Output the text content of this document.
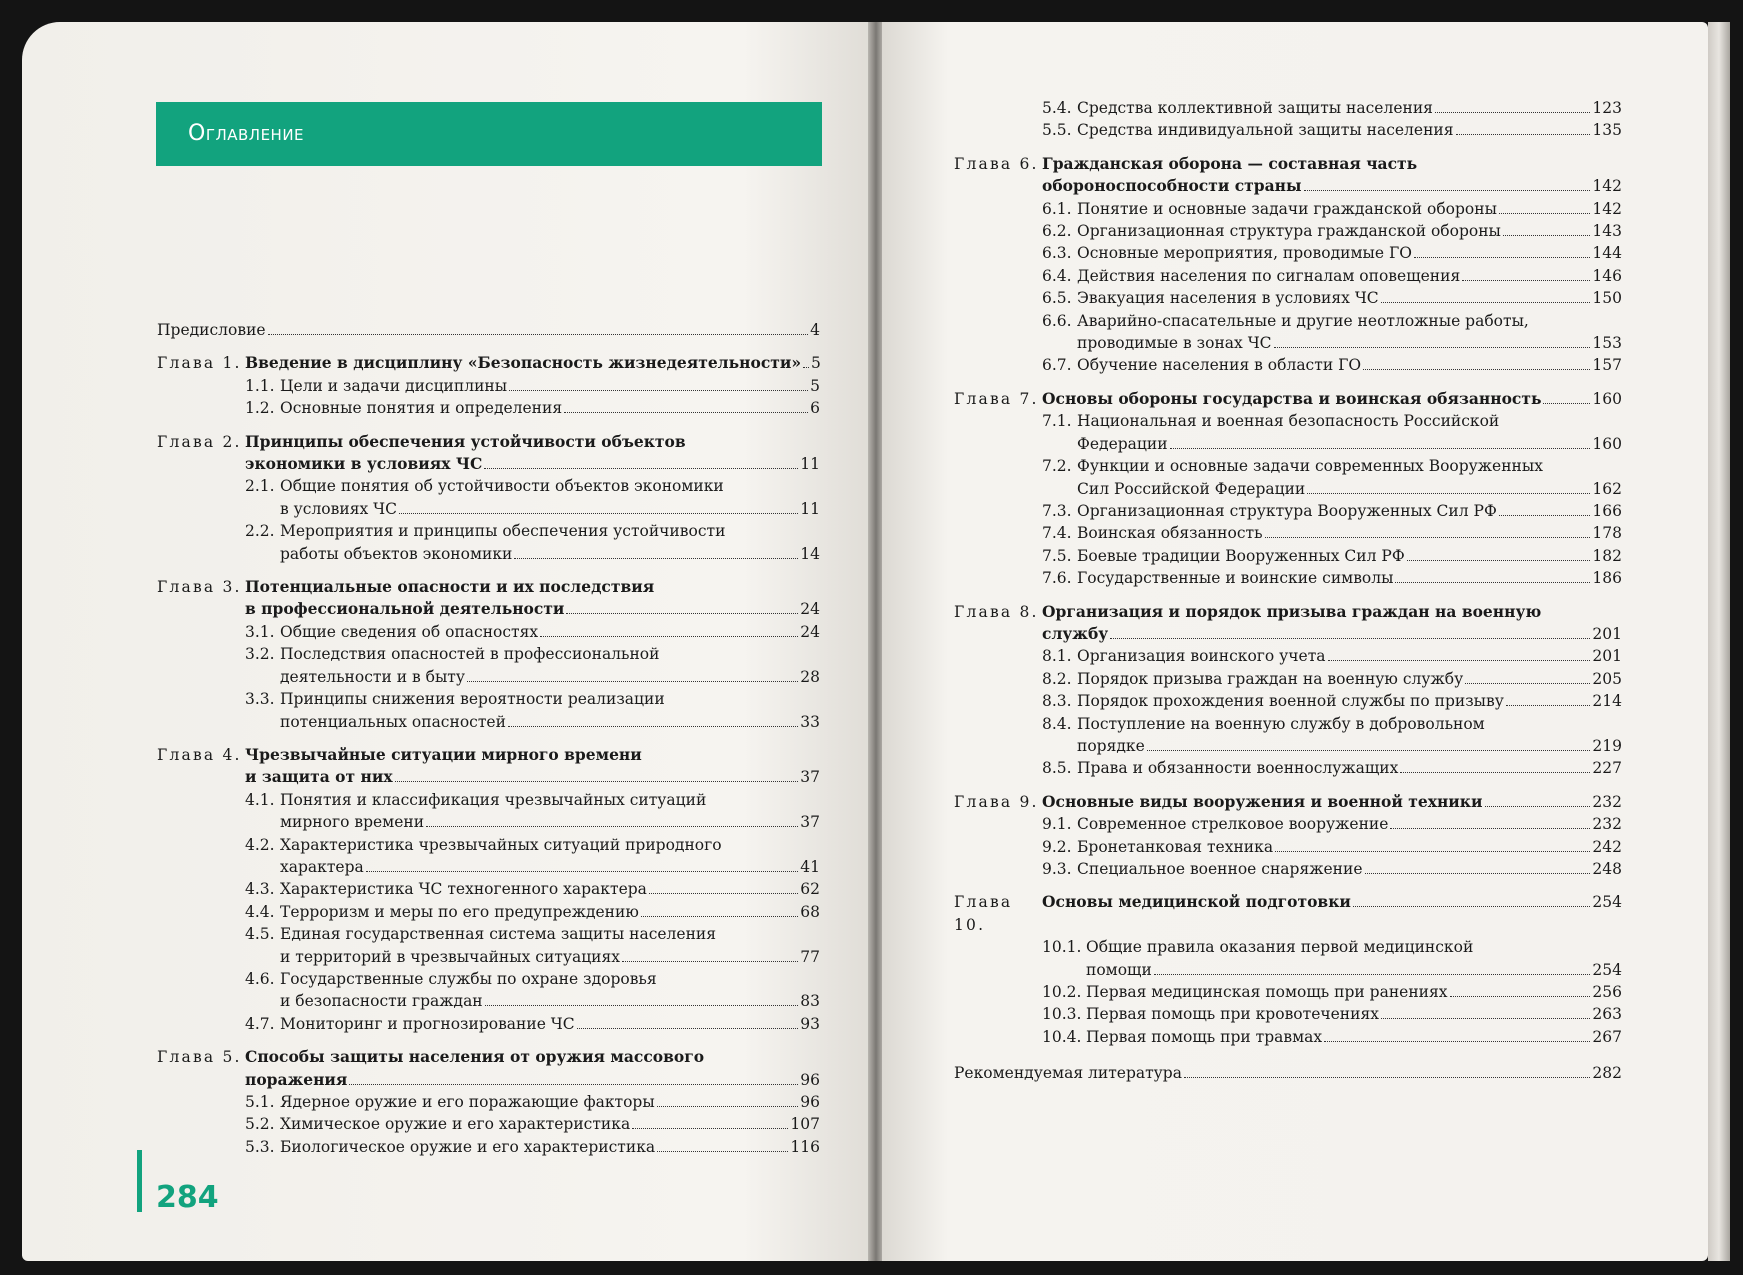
Оглавление
Предисловие	4
Глава 1. Введение в дисциплину «Безопасность жизнедеятельности» 5
1.1. Цели и задачи дисциплины	5
1.2. Основные понятия и определения	6
Глава 2. Принципы обеспечения устойчивости объектов
экономики в условиях ЧС	11
2.1. Общие понятия об устойчивости объектов экономики
в условиях ЧС	11
2.2. Мероприятия и принципы обеспечения устойчивости
работы объектов экономики	14
Глава 3. Потенциальные опасности и их последствия
в профессиональной деятельности	24
3.1. Общие сведения об опасностях	24
3.2. Последствия опасностей в профессиональной
деятельности и в быту	28
3.3. Принципы снижения вероятности реализации
потенциальных опасностей	33
Глава 4. Чрезвычайные ситуации мирного времени
и защита от них	37
4.1. Понятия и классификация чрезвычайных ситуаций
мирного времени	37
4.2. Характеристика чрезвычайных ситуаций природного
характера	41
4.3. Характеристика ЧС техногенного характера	62
4.4. Терроризм и меры по его предупреждению	68
4.5. Единая государственная система защиты населения
и территорий в чрезвычайных ситуациях	77
4.6. Государственные службы по охране здоровья
и безопасности граждан	83
4.7. Мониторинг и прогнозирование ЧС	93
Глава 5. Способы защиты населения от оружия массового
поражения	96
5.1. Ядерное оружие и его поражающие факторы	96
5.2. Химическое оружие и его характеристика	107
5.3. Биологическое оружие и его характеристика	116
5.4. Средства коллективной защиты населения	123
5.5. Средства индивидуальной защиты населения	135
Глава 6. Гражданская оборона — составная часть
обороноспособности страны	142
6.1. Понятие и основные задачи гражданской обороны	142
6.2. Организационная структура гражданской обороны	143
6.3. Основные мероприятия, проводимые ГО	144
6.4. Действия населения по сигналам оповещения	146
6.5. Эвакуация населения в условиях ЧС	150
6.6. Аварийно-спасательные и другие неотложные работы,
проводимые в зонах ЧС	153
6.7. Обучение населения в области ГО	157
Глава 7. Основы обороны государства и воинская обязанность	160
7.1. Национальная и военная безопасность Российской
Федерации	160
7.2. Функции и основные задачи современных Вооруженных
Сил Российской Федерации	162
7.3. Организационная структура Вооруженных Сил РФ	166
7.4. Воинская обязанность	178
7.5. Боевые традиции Вооруженных Сил РФ	182
7.6. Государственные и воинские символы	186
Глава 8. Организация и порядок призыва граждан на военную
службу	201
8.1. Организация воинского учета	201
8.2. Порядок призыва граждан на военную службу	205
8.3. Порядок прохождения военной службы по призыву	214
8.4. Поступление на военную службу в добровольном
порядке	219
8.5. Права и обязанности военнослужащих	227
Глава 9. Основные виды вооружения и военной техники	232
9.1. Современное стрелковое вооружение	232
9.2. Бронетанковая техника	242
9.3. Специальное военное снаряжение	248
Глава 10.
Основы медицинской подготовки	254
10.1. Общие правила оказания первой медицинской
помощи	254
10.2. Первая медицинская помощь при ранениях	256
10.3. Первая помощь при кровотечениях	263
10.4. Первая помощь при травмах	267
Рекомендуемая литература	282
284
